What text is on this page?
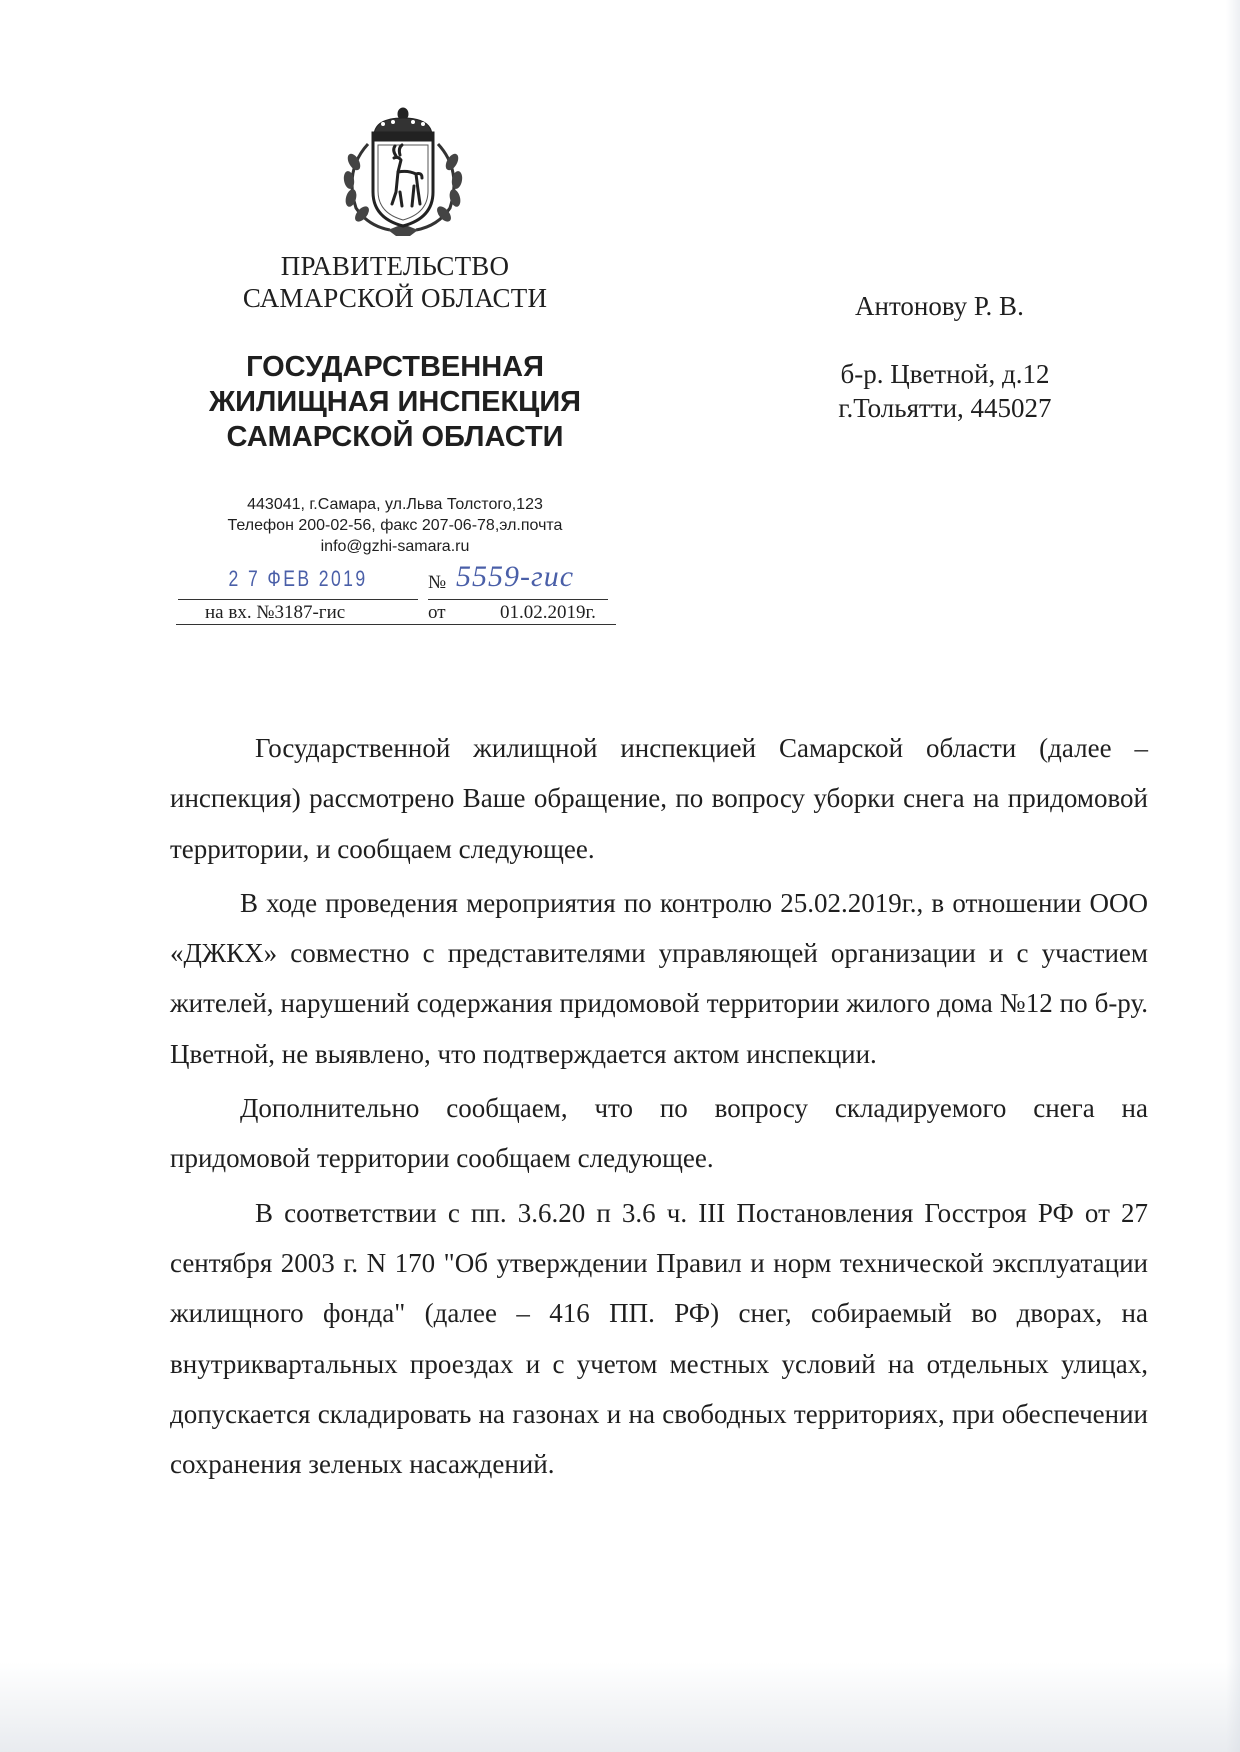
ПРАВИТЕЛЬСТВО
САМАРСКОЙ ОБЛАСТИ
ГОСУДАРСТВЕННАЯ
ЖИЛИЩНАЯ ИНСПЕКЦИЯ
САМАРСКОЙ ОБЛАСТИ
443041, г.Самара, ул.Льва Толстого,123
Телефон 200-02-56, факс 207-06-78,эл.почта
info@gzhi-samara.ru
2 7 ФЕВ 2019	№ 5559-гис
на вх. №3187-гис	от	01.02.2019г.
Антонову Р. В.
б-р. Цветной, д.12
г.Тольятти, 445027

Государственной жилищной инспекцией Самарской области (далее – инспекция) рассмотрено Ваше обращение, по вопросу уборки снега на придомовой территории, и сообщаем следующее.

В ходе проведения мероприятия по контролю 25.02.2019г., в отношении ООО «ДЖКХ» совместно с представителями управляющей организации и с участием жителей, нарушений содержания придомовой территории жилого дома №12 по б-ру. Цветной, не выявлено, что подтверждается актом инспекции.

Дополнительно сообщаем, что по вопросу складируемого снега на придомовой территории сообщаем следующее.

В соответствии с пп. 3.6.20 п 3.6 ч. III Постановления Госстроя РФ от 27 сентября 2003 г. N 170 "Об утверждении Правил и норм технической эксплуатации жилищного фонда" (далее – 416 ПП. РФ) снег, собираемый во дворах, на внутриквартальных проездах и с учетом местных условий на отдельных улицах, допускается складировать на газонах и на свободных территориях, при обеспечении сохранения зеленых насаждений.
